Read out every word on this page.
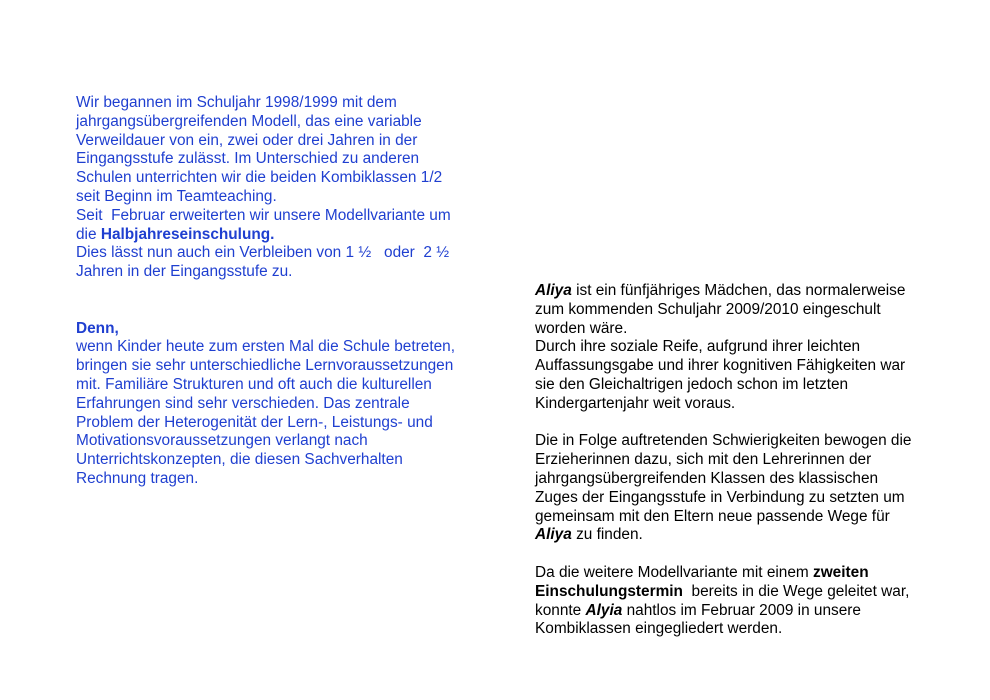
Wir begannen im Schuljahr 1998/1999 mit dem
jahrgangsübergreifenden Modell, das eine variable
Verweildauer von ein, zwei oder drei Jahren in der
Eingangsstufe zulässt. Im Unterschied zu anderen
Schulen unterrichten wir die beiden Kombiklassen 1/2
seit Beginn im Teamteaching.
Seit  Februar erweiterten wir unsere Modellvariante um
die Halbjahreseinschulung.
Dies lässt nun auch ein Verbleiben von 1 ½   oder  2 ½
Jahren in der Eingangsstufe zu.
Denn,
wenn Kinder heute zum ersten Mal die Schule betreten,
bringen sie sehr unterschiedliche Lernvoraussetzungen
mit. Familiäre Strukturen und oft auch die kulturellen
Erfahrungen sind sehr verschieden. Das zentrale
Problem der Heterogenität der Lern-, Leistungs- und
Motivationsvoraussetzungen verlangt nach
Unterrichtskonzepten, die diesen Sachverhalten
Rechnung tragen.
Aliya ist ein fünfjähriges Mädchen, das normalerweise
zum kommenden Schuljahr 2009/2010 eingeschult
worden wäre.
Durch ihre soziale Reife, aufgrund ihrer leichten
Auffassungsgabe und ihrer kognitiven Fähigkeiten war
sie den Gleichaltrigen jedoch schon im letzten
Kindergartenjahr weit voraus.
Die in Folge auftretenden Schwierigkeiten bewogen die
Erzieherinnen dazu, sich mit den Lehrerinnen der
jahrgangsübergreifenden Klassen des klassischen
Zuges der Eingangsstufe in Verbindung zu setzten um
gemeinsam mit den Eltern neue passende Wege für
Aliya zu finden.
Da die weitere Modellvariante mit einem zweiten
Einschulungstermin  bereits in die Wege geleitet war,
konnte Alyia nahtlos im Februar 2009 in unsere
Kombiklassen eingegliedert werden.
